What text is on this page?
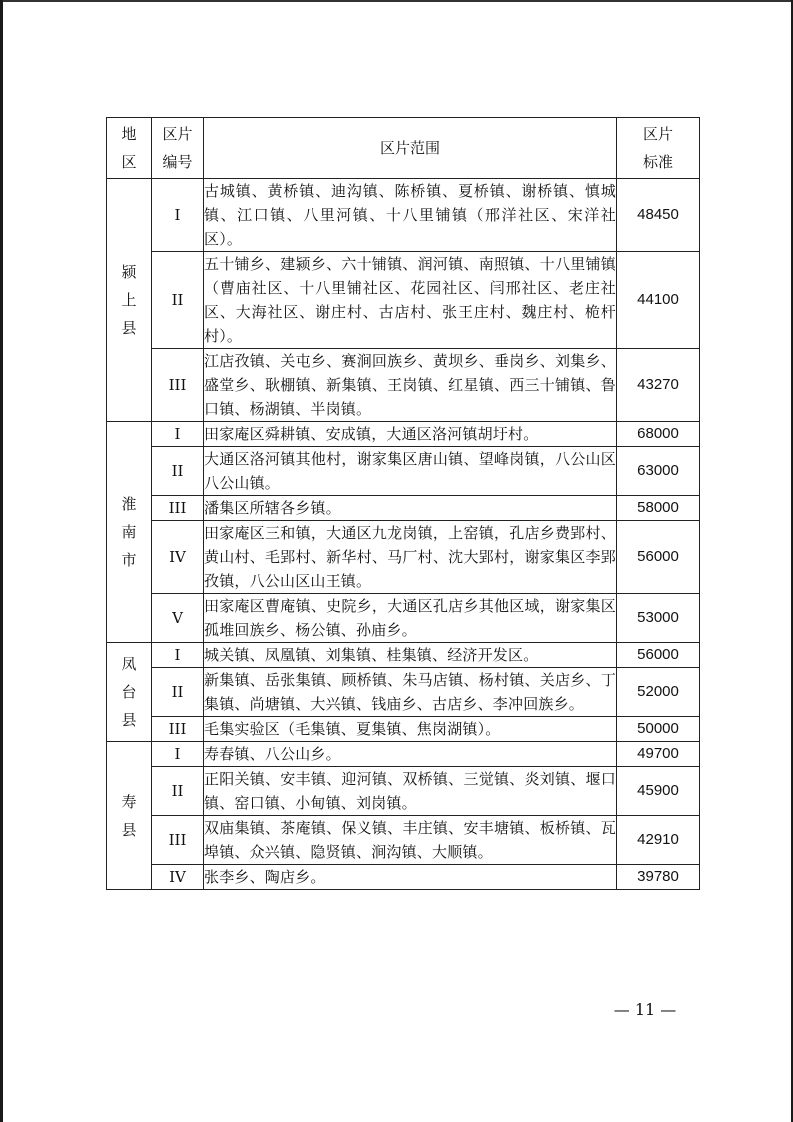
地区	区片编号	区片范围	区片标准
颍上县	I	古城镇、黄桥镇、迪沟镇、陈桥镇、夏桥镇、谢桥镇、慎城镇、江口镇、八里河镇、十八里铺镇（邢洋社区、宋洋社区）。	48450
	II	五十铺乡、建颍乡、六十铺镇、润河镇、南照镇、十八里铺镇（曹庙社区、十八里铺社区、花园社区、闫邢社区、老庄社区、大海社区、谢庄村、古店村、张王庄村、魏庄村、桅杆村）。	44100
	III	江店孜镇、关屯乡、赛涧回族乡、黄坝乡、垂岗乡、刘集乡、盛堂乡、耿棚镇、新集镇、王岗镇、红星镇、西三十铺镇、鲁口镇、杨湖镇、半岗镇。	43270
淮南市	I	田家庵区舜耕镇、安成镇，大通区洛河镇胡圩村。	68000
	II	大通区洛河镇其他村，谢家集区唐山镇、望峰岗镇，八公山区八公山镇。	63000
	III	潘集区所辖各乡镇。	58000
	IV	田家庵区三和镇，大通区九龙岗镇，上窑镇，孔店乡费郢村、黄山村、毛郢村、新华村、马厂村、沈大郢村，谢家集区李郢孜镇，八公山区山王镇。	56000
	V	田家庵区曹庵镇、史院乡，大通区孔店乡其他区域，谢家集区孤堆回族乡、杨公镇、孙庙乡。	53000
凤台县	I	城关镇、凤凰镇、刘集镇、桂集镇、经济开发区。	56000
	II	新集镇、岳张集镇、顾桥镇、朱马店镇、杨村镇、关店乡、丁集镇、尚塘镇、大兴镇、钱庙乡、古店乡、李冲回族乡。	52000
	III	毛集实验区（毛集镇、夏集镇、焦岗湖镇）。	50000
寿县	I	寿春镇、八公山乡。	49700
	II	正阳关镇、安丰镇、迎河镇、双桥镇、三觉镇、炎刘镇、堰口镇、窑口镇、小甸镇、刘岗镇。	45900
	III	双庙集镇、茶庵镇、保义镇、丰庄镇、安丰塘镇、板桥镇、瓦埠镇、众兴镇、隐贤镇、涧沟镇、大顺镇。	42910
	IV	张李乡、陶店乡。	39780
— 11 —
